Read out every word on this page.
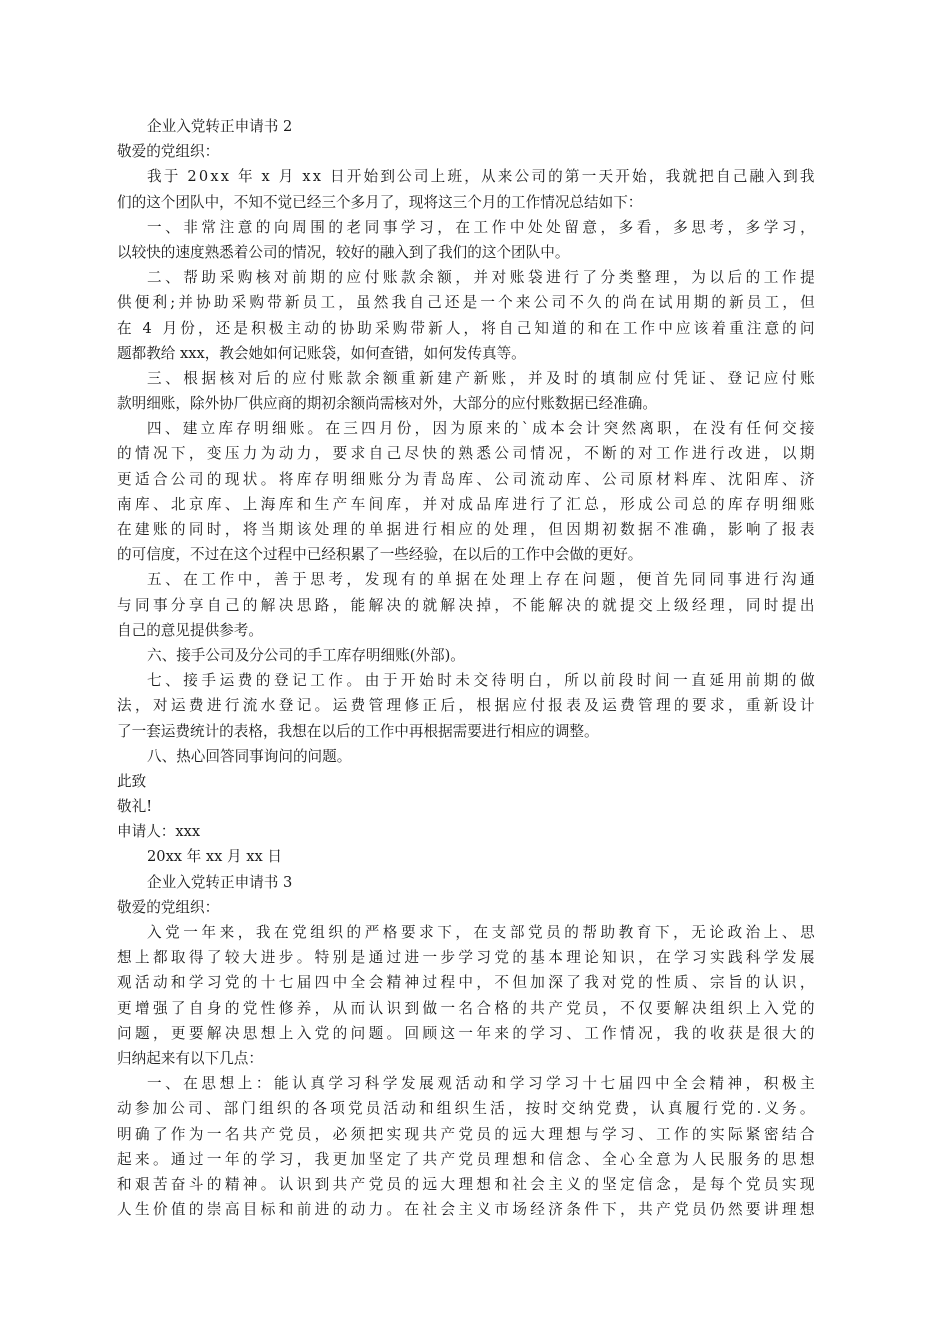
企业入党转正申请书 2
敬爱的党组织：
我 于
2 0 x x
年
x
月
x x
日 开 始 到 公 司 上 班 ， 从 来 公 司 的 第 一 天 开 始 ， 我 就 把 自 己 融 入 到 我
们的这个团队中，不知不觉已经三个多月了，现将这三个月的工作情况总结如下：
一 、 非 常 注 意 的 向 周 围 的 老 同 事 学 习 ， 在 工 作 中 处 处 留 意 ， 多 看 ， 多 思 考 ， 多 学 习 ，
以较快的速度熟悉着公司的情况，较好的融入到了我们的这个团队中。
二 、 帮 助 采 购 核 对 前 期 的 应 付 账 款 余 额 ， 并 对 账 袋 进 行 了 分 类 整 理 ， 为 以 后 的 工 作 提
供 便 利 ; 并 协 助 采 购 带 新 员 工 ， 虽 然 我 自 己 还 是 一 个 来 公 司 不 久 的 尚 在 试 用 期 的 新 员 工 ， 但
在
4
月 份 ， 还 是 积 极 主 动 的 协 助 采 购 带 新 人 ， 将 自 己 知 道 的 和 在 工 作 中 应 该 着 重 注 意 的 问
题都教给 xxx，教会她如何记账袋，如何查错，如何发传真等。
三 、 根 据 核 对 后 的 应 付 账 款 余 额 重 新 建 产 新 账 ， 并 及 时 的 填 制 应 付 凭 证 、 登 记 应 付 账
款明细账，除外协厂供应商的期初余额尚需核对外，大部分的应付账数据已经准确。
四 、 建 立 库 存 明 细 账 。 在 三 四 月 份 ， 因 为 原 来 的 ` 成 本 会 计 突 然 离 职 ， 在 没 有 任 何 交 接
的 情 况 下 ， 变 压 力 为 动 力 ， 要 求 自 己 尽 快 的 熟 悉 公 司 情 况 ， 不 断 的 对 工 作 进 行 改 进 ， 以 期
更 适 合 公 司 的 现 状 。 将 库 存 明 细 账 分 为 青 岛 库 、 公 司 流 动 库 、 公 司 原 材 料 库 、 沈 阳 库 、 济
南 库 、 北 京 库 、 上 海 库 和 生 产 车 间 库 ， 并 对 成 品 库 进 行 了 汇 总 ， 形 成 公 司 总 的 库 存 明 细 账
在 建 账 的 同 时 ， 将 当 期 该 处 理 的 单 据 进 行 相 应 的 处 理 ， 但 因 期 初 数 据 不 准 确 ， 影 响 了 报 表
的可信度，不过在这个过程中已经积累了一些经验，在以后的工作中会做的更好。
五 、 在 工 作 中 ， 善 于 思 考 ， 发 现 有 的 单 据 在 处 理 上 存 在 问 题 ， 便 首 先 同 同 事 进 行 沟 通
与 同 事 分 享 自 己 的 解 决 思 路 ， 能 解 决 的 就 解 决 掉 ， 不 能 解 决 的 就 提 交 上 级 经 理 ， 同 时 提 出
自己的意见提供参考。
六、接手公司及分公司的手工库存明细账(外部)。
七 、 接 手 运 费 的 登 记 工 作 。 由 于 开 始 时 未 交 待 明 白 ， 所 以 前 段 时 间 一 直 延 用 前 期 的 做
法 ， 对 运 费 进 行 流 水 登 记 。 运 费 管 理 修 正 后 ， 根 据 应 付 报 表 及 运 费 管 理 的 要 求 ， 重 新 设 计
了一套运费统计的表格，我想在以后的工作中再根据需要进行相应的调整。
八、热心回答同事询问的问题。
此致
敬礼!
申请人：xxx
20xx 年 xx 月 xx 日
企业入党转正申请书 3
敬爱的党组织：
入 党 一 年 来 ， 我 在 党 组 织 的 严 格 要 求 下 ， 在 支 部 党 员 的 帮 助 教 育 下 ， 无 论 政 治 上 、 思
想 上 都 取 得 了 较 大 进 步 。 特 别 是 通 过 进 一 步 学 习 党 的 基 本 理 论 知 识 ， 在 学 习 实 践 科 学 发 展
观 活 动 和 学 习 党 的 十 七 届 四 中 全 会 精 神 过 程 中 ， 不 但 加 深 了 我 对 党 的 性 质 、 宗 旨 的 认 识 ，
更 增 强 了 自 身 的 党 性 修 养 ， 从 而 认 识 到 做 一 名 合 格 的 共 产 党 员 ， 不 仅 要 解 决 组 织 上 入 党 的
问 题 ， 更 要 解 决 思 想 上 入 党 的 问 题 。 回 顾 这 一 年 来 的 学 习 、 工 作 情 况 ， 我 的 收 获 是 很 大 的
归纳起来有以下几点：
一 、 在 思 想 上 ： 能 认 真 学 习 科 学 发 展 观 活 动 和 学 习 学 习 十 七 届 四 中 全 会 精 神 ， 积 极 主
动 参 加 公 司 、 部 门 组 织 的 各 项 党 员 活 动 和 组 织 生 活 ， 按 时 交 纳 党 费 ， 认 真 履 行 党 的 . 义 务 。
明 确 了 作 为 一 名 共 产 党 员 ， 必 须 把 实 现 共 产 党 员 的 远 大 理 想 与 学 习 、 工 作 的 实 际 紧 密 结 合
起 来 。 通 过 一 年 的 学 习 ， 我 更 加 坚 定 了 共 产 党 员 理 想 和 信 念 、 全 心 全 意 为 人 民 服 务 的 思 想
和 艰 苦 奋 斗 的 精 神 。 认 识 到 共 产 党 员 的 远 大 理 想 和 社 会 主 义 的 坚 定 信 念 ， 是 每 个 党 员 实 现
人 生 价 值 的 崇 高 目 标 和 前 进 的 动 力 。 在 社 会 主 义 市 场 经 济 条 件 下 ， 共 产 党 员 仍 然 要 讲 理 想
